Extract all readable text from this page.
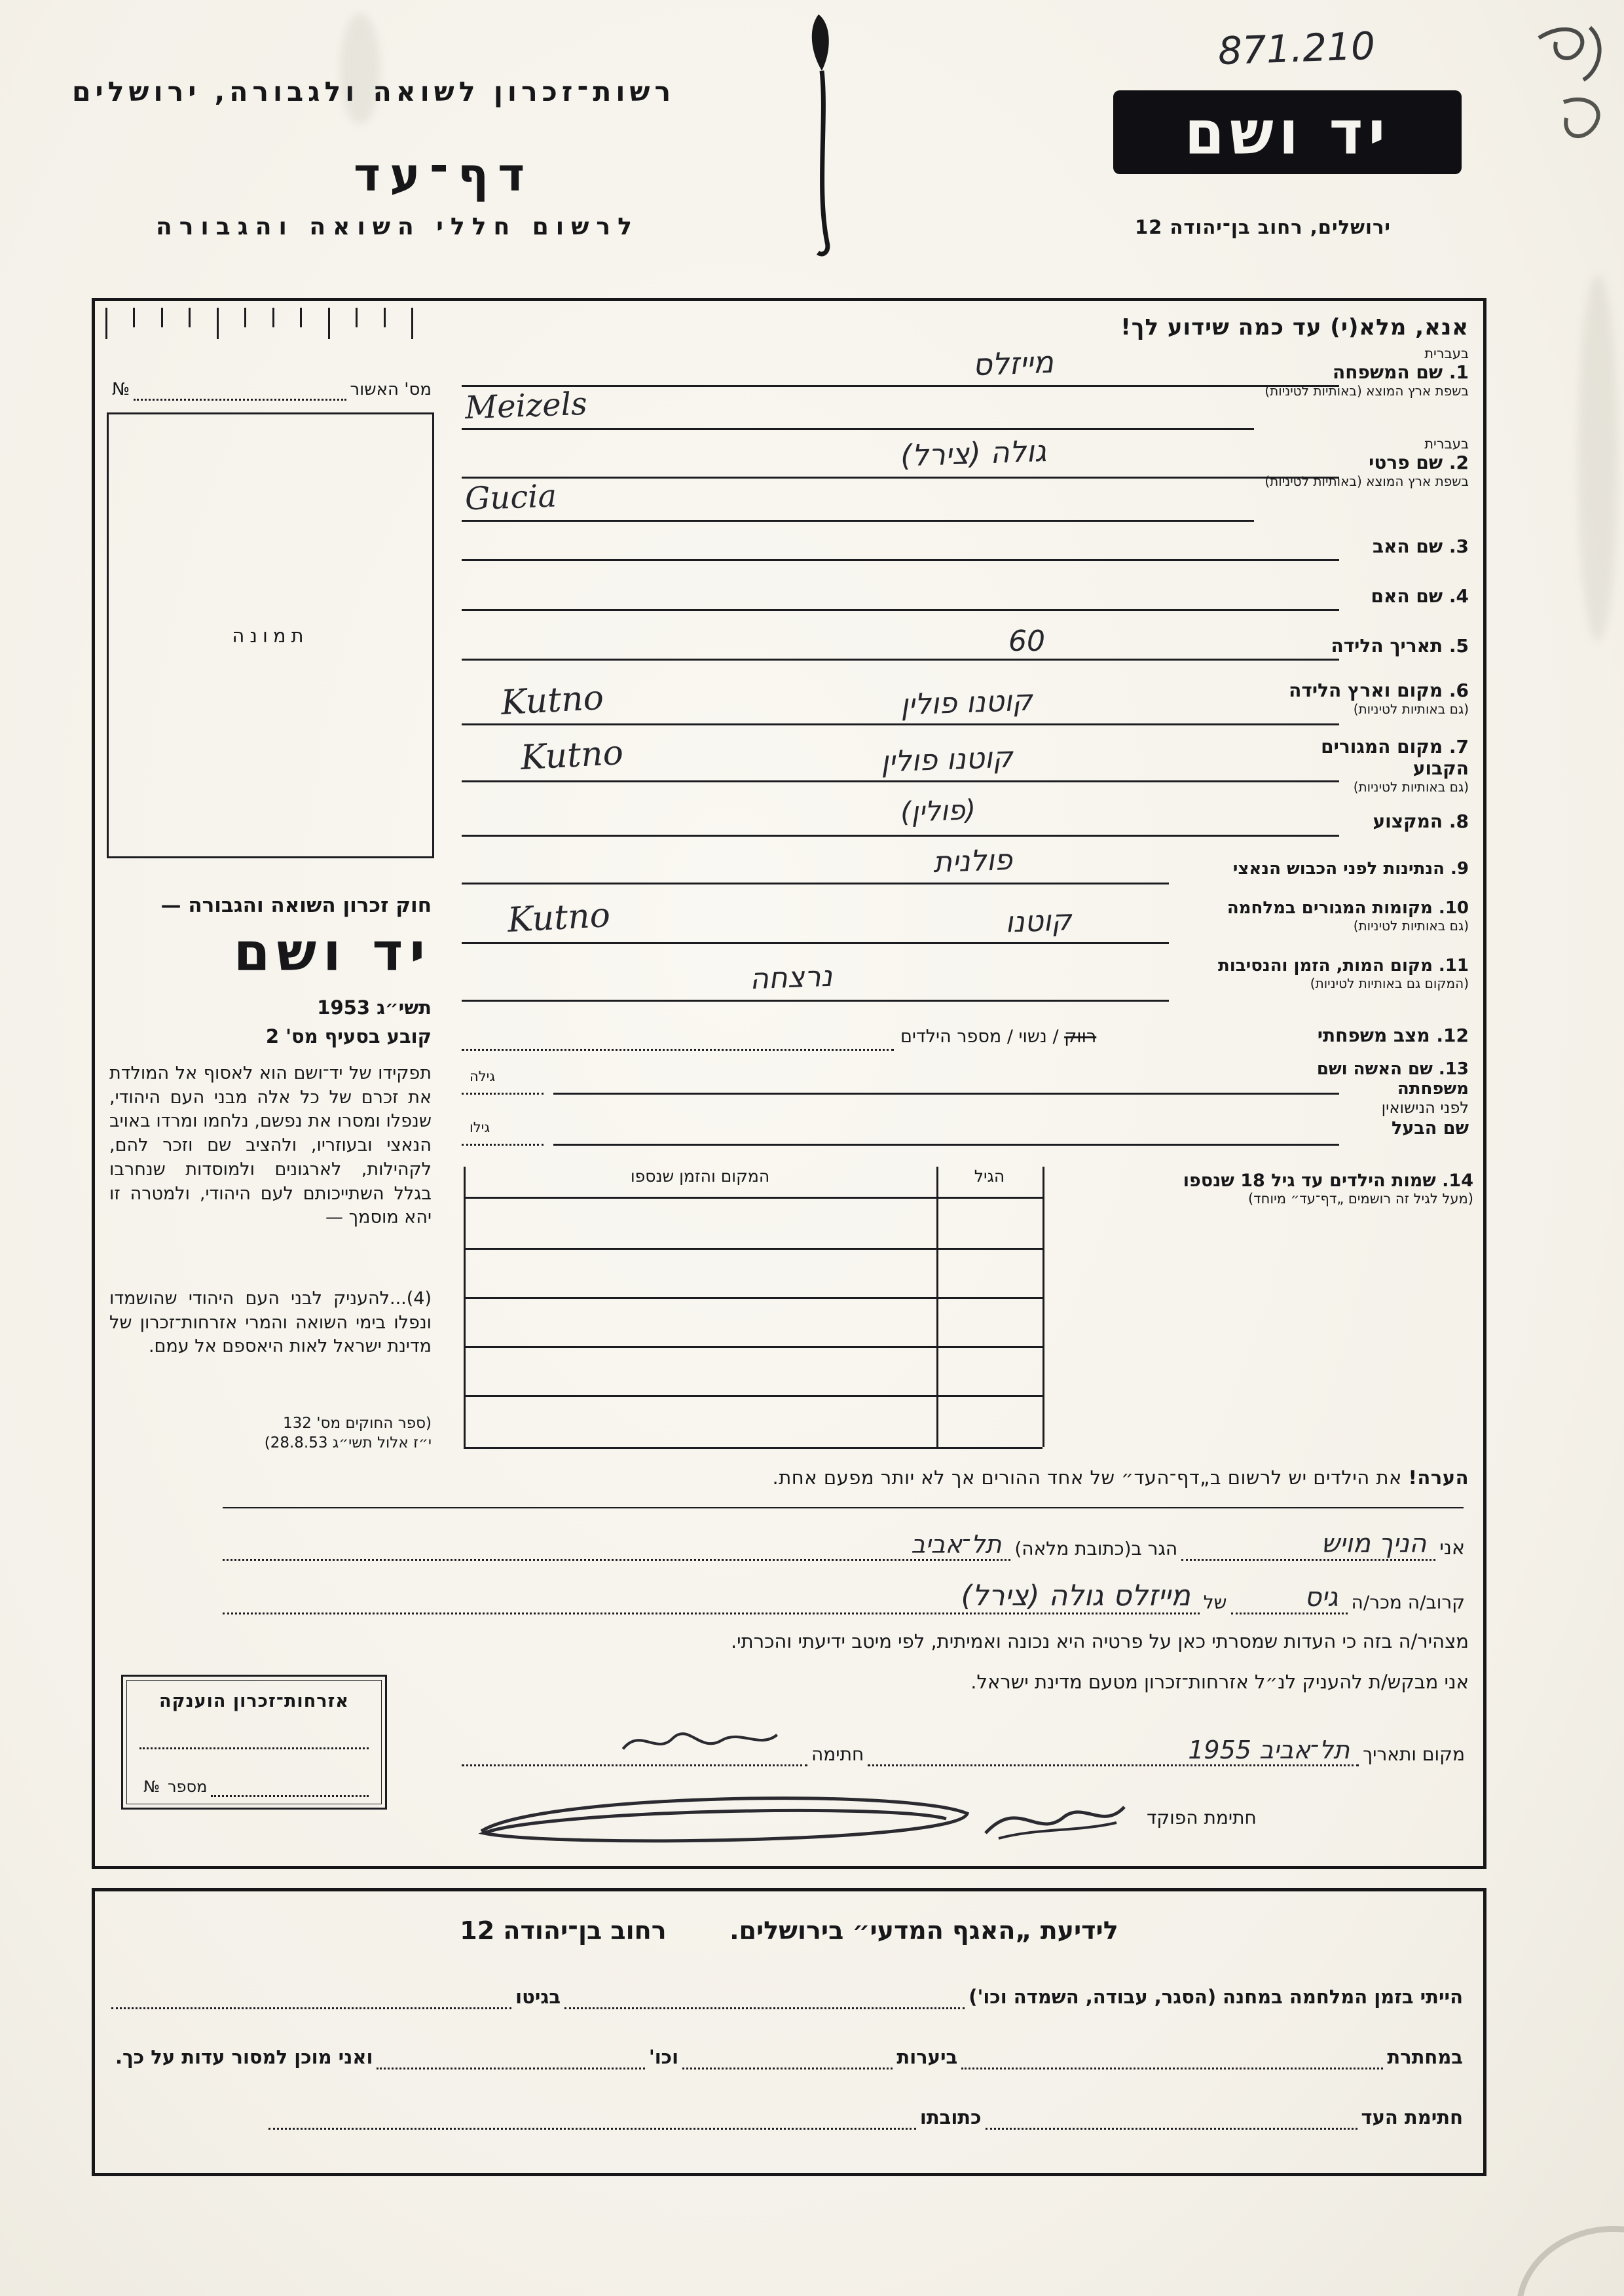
רשות־זכרון לשואה ולגבורה, ירושלים
דף־עד
לרשום חללי השואה והגבורה
871.210
יד ושם
ירושלים, רחוב בן־יהודה 12
אנא, מלא(י) עד כמה שידוע לך!
מס' האשור
№
תמונה
חוק זכרון השואה והגבורה —
יד ושם
תשי״ג 1953
קובע בסעיף מס' 2
תפקידו של יד־ושם הוא לאסוף אל המולדת את זכרם של כל אלה מבני העם היהודי, שנפלו ומסרו את נפשם, נלחמו ומרדו באויב הנאצי ובעוזריו, ולהציב שם וזכר להם, לקהילות, לארגונים ולמוסדות שנחרבו בגלל השתייכותם לעם היהודי, ולמטרה זו יהא מוסמך —
(4)...להעניק לבני העם היהודי שהושמדו ונפלו בימי השואה והמרי אזרחות־זכרון של מדינת ישראל לאות היאספם אל עמם.
(ספר החוקים מס' 132
י״ז אלול תשי״ג 28.8.53)
בעברית
1. שם המשפחה
בשפת ארץ המוצא (באותיות לטיניות)
מייזלס
Meizels
בעברית
2. שם פרטי
בשפת ארץ המוצא (באותיות לטיניות)
גולה (צירל)
Gucia
3. שם האב
4. שם האם
5. תאריך הלידה
60
6. מקום וארץ הלידה
(גם באותיות לטיניות)
קוטנו פולין
Kutno
7. מקום המגורים הקבוע
(גם באותיות לטיניות)
קוטנו פולין
Kutno
8. המקצוע
(פולין)
9. הנתינות לפני הכבוש הנאצי
פולנית
10. מקומות המגורים במלחמה
(גם באותיות לטיניות)
קוטנו
Kutno
11. מקום המות, הזמן והנסיבות
(המקום גם באותיות לטיניות)
נרצחה
12. מצב משפחתי
רווק / נשוי / מספר הילדים
13. שם האשה ושם משפחתה
לפני הנישואין
גילה
שם הבעל
גילו
14. שמות הילדים עד גיל 18 שנספו
(מעל לגיל זה רושמים „דף־עד״ מיוחד)
המקום והזמן שנספו	הגיל
הערה! את הילדים יש לרשום ב„דף־העד״ של אחד ההורים אך לא יותר מפעם אחת.
אני
הניך מויש
הגר ב(כתובת מלאה)
תל־אביב
קרוב/ה מכר/ה
גיס
של
מייזלס גולה (צירל)
מצהיר/ה בזה כי העדות שמסרתי כאן על פרטיה היא נכונה ואמיתית, לפי מיטב ידיעתי והכרתי.
אני מבקש/ת להעניק לנ״ל אזרחות־זכרון מטעם מדינת ישראל.
מקום ותאריך
תל־אביב 1955
חתימה
חתימת הפוקד
אזרחות־זכרון הוענקה
מספר
№
לידיעת „האגף המדעי״ בירושלים.  רחוב בן־יהודה 12
הייתי בזמן המלחמה במחנה (הסגר, עבודה, השמדה וכו')
בגיטו
במחתרת
ביערות
וכו'
ואני מוכן למסור עדות על כך.
חתימת העד
כתובתו
